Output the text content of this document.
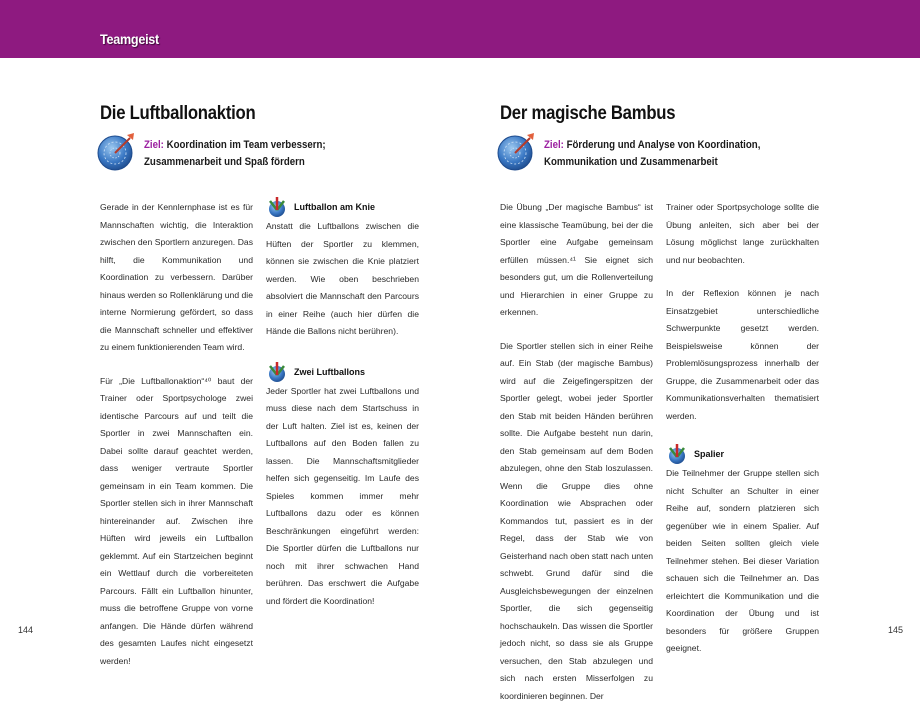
Teamgeist
Die Luftballonaktion
Ziel: Koordination im Team verbessern;
Zusammenarbeit und Spaß fördern

Gerade in der Kennlernphase ist es für Mannschaften wichtig, die Interaktion zwischen den Sportlern anzuregen. Das hilft, die Kommunikation und Koordination zu verbessern. Darüber hinaus werden so Rollenklärung und die interne Normierung gefördert, so dass die Mannschaft schneller und effektiver zu einem funktionierenden Team wird.

Für „Die Luftballonaktion“⁴⁰ baut der Trainer oder Sportpsychologe zwei identische Parcours auf und teilt die Sportler in zwei Mannschaften ein. Dabei sollte darauf geachtet werden, dass weniger vertraute Sportler gemeinsam in ein Team kommen. Die Sportler stellen sich in ihrer Mannschaft hintereinander auf. Zwischen ihre Hüften wird jeweils ein Luftballon geklemmt. Auf ein Startzeichen beginnt ein Wettlauf durch die vorbereiteten Parcours. Fällt ein Luftballon hinunter, muss die betroffene Gruppe von vorne anfangen. Die Hände dürfen während des gesamten Laufes nicht eingesetzt werden!

Luftballon am Knie

Anstatt die Luftballons zwischen die Hüften der Sportler zu klemmen, können sie zwischen die Knie platziert werden. Wie oben beschrieben absolviert die Mannschaft den Parcours in einer Reihe (auch hier dürfen die Hände die Ballons nicht berühren).

Zwei Luftballons

Jeder Sportler hat zwei Luftballons und muss diese nach dem Startschuss in der Luft halten. Ziel ist es, keinen der Luftballons auf den Boden fallen zu lassen. Die Mannschaftsmitglieder helfen sich gegenseitig. Im Laufe des Spieles kommen immer mehr Luftballons dazu oder es können Beschränkungen eingeführt werden: Die Sportler dürfen die Luftballons nur noch mit ihrer schwachen Hand berühren. Das erschwert die Aufgabe und fördert die Koordination!

144
Der magische Bambus
Ziel: Förderung und Analyse von Koordination,
Kommunikation und Zusammenarbeit

Die Übung „Der magische Bambus“ ist eine klassische Teamübung, bei der die Sportler eine Aufgabe gemeinsam erfüllen müssen.⁴¹ Sie eignet sich besonders gut, um die Rollenverteilung und Hierarchien in einer Gruppe zu erkennen.

Die Sportler stellen sich in einer Reihe auf. Ein Stab (der magische Bambus) wird auf die Zeigefingerspitzen der Sportler gelegt, wobei jeder Sportler den Stab mit beiden Händen berühren sollte. Die Aufgabe besteht nun darin, den Stab gemeinsam auf dem Boden abzulegen, ohne den Stab loszulassen. Wenn die Gruppe dies ohne Koordination wie Absprachen oder Kommandos tut, passiert es in der Regel, dass der Stab wie von Geisterhand nach oben statt nach unten schwebt. Grund dafür sind die Ausgleichsbewegungen der einzelnen Sportler, die sich gegenseitig hochschaukeln. Das wissen die Sportler jedoch nicht, so dass sie als Gruppe versuchen, den Stab abzulegen und sich nach ersten Misserfolgen zu koordinieren beginnen. Der

Trainer oder Sportpsychologe sollte die Übung anleiten, sich aber bei der Lösung möglichst lange zurückhalten und nur beobachten.

In der Reflexion können je nach Einsatzgebiet unterschiedliche Schwerpunkte gesetzt werden. Beispielsweise können der Problemlösungsprozess innerhalb der Gruppe, die Zusammenarbeit oder das Kommunikationsverhalten thematisiert werden.

Spalier

Die Teilnehmer der Gruppe stellen sich nicht Schulter an Schulter in einer Reihe auf, sondern platzieren sich gegenüber wie in einem Spalier. Auf beiden Seiten sollten gleich viele Teilnehmer stehen. Bei dieser Variation schauen sich die Teilnehmer an. Das erleichtert die Kommunikation und die Koordination der Übung und ist besonders für größere Gruppen geeignet.

145
